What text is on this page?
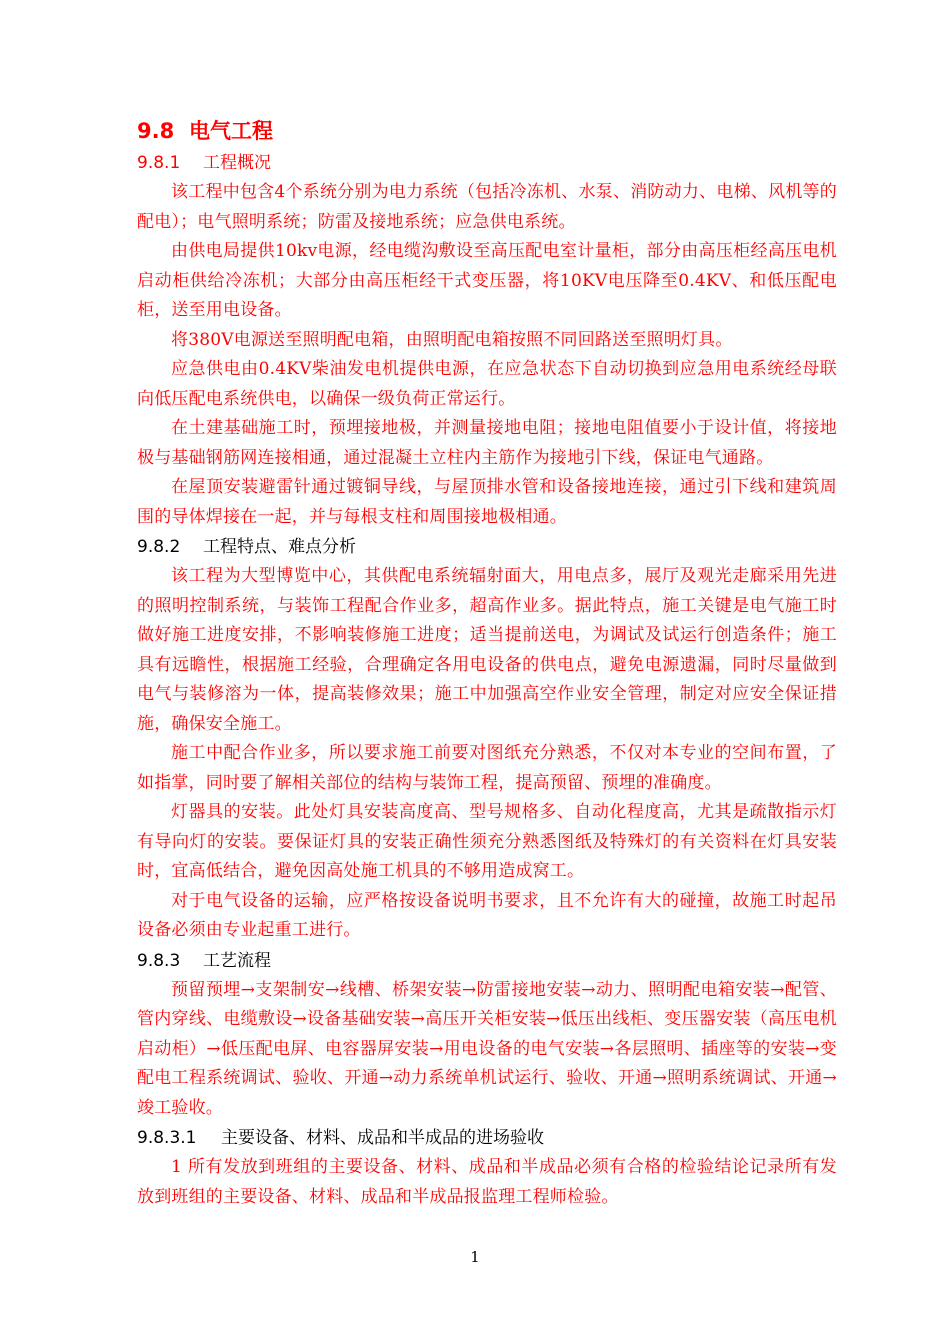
9.8 电气工程
9.8.1 工程概况

该工程中包含4个系统分别为电力系统（包括冷冻机、水泵、消防动力、电梯、风机等的配电）；电气照明系统；防雷及接地系统；应急供电系统。

由供电局提供10kv电源，经电缆沟敷设至高压配电室计量柜，部分由高压柜经高压电机启动柜供给冷冻机；大部分由高压柜经干式变压器，将10KV电压降至0.4KV、和低压配电柜，送至用电设备。

将380V电源送至照明配电箱，由照明配电箱按照不同回路送至照明灯具。

应急供电由0.4KV柴油发电机提供电源，在应急状态下自动切换到应急用电系统经母联向低压配电系统供电，以确保一级负荷正常运行。

在土建基础施工时，预埋接地极，并测量接地电阻；接地电阻值要小于设计值，将接地极与基础钢筋网连接相通，通过混凝土立柱内主筋作为接地引下线，保证电气通路。

在屋顶安装避雷针通过镀铜导线，与屋顶排水管和设备接地连接，通过引下线和建筑周围的导体焊接在一起，并与每根支柱和周围接地极相通。

9.8.2 工程特点、难点分析

该工程为大型博览中心，其供配电系统辐射面大，用电点多，展厅及观光走廊采用先进的照明控制系统，与装饰工程配合作业多，超高作业多。据此特点，施工关键是电气施工时做好施工进度安排，不影响装修施工进度；适当提前送电，为调试及试运行创造条件；施工具有远瞻性，根据施工经验，合理确定各用电设备的供电点，避免电源遗漏，同时尽量做到电气与装修溶为一体，提高装修效果；施工中加强高空作业安全管理，制定对应安全保证措施，确保安全施工。

施工中配合作业多，所以要求施工前要对图纸充分熟悉，不仅对本专业的空间布置，了如指掌，同时要了解相关部位的结构与装饰工程，提高预留、预埋的准确度。

灯器具的安装。此处灯具安装高度高、型号规格多、自动化程度高，尤其是疏散指示灯有导向灯的安装。要保证灯具的安装正确性须充分熟悉图纸及特殊灯的有关资料在灯具安装时，宜高低结合，避免因高处施工机具的不够用造成窝工。

对于电气设备的运输，应严格按设备说明书要求，且不允许有大的碰撞，故施工时起吊设备必须由专业起重工进行。

9.8.3 工艺流程

预留预埋→支架制安→线槽、桥架安装→防雷接地安装→动力、照明配电箱安装→配管、管内穿线、电缆敷设→设备基础安装→高压开关柜安装→低压出线柜、变压器安装（高压电机启动柜）→低压配电屏、电容器屏安装→用电设备的电气安装→各层照明、插座等的安装→变配电工程系统调试、验收、开通→动力系统单机试运行、验收、开通→照明系统调试、开通→竣工验收。

9.8.3.1 主要设备、材料、成品和半成品的进场验收

1 所有发放到班组的主要设备、材料、成品和半成品必须有合格的检验结论记录所有发放到班组的主要设备、材料、成品和半成品报监理工程师检验。

1
